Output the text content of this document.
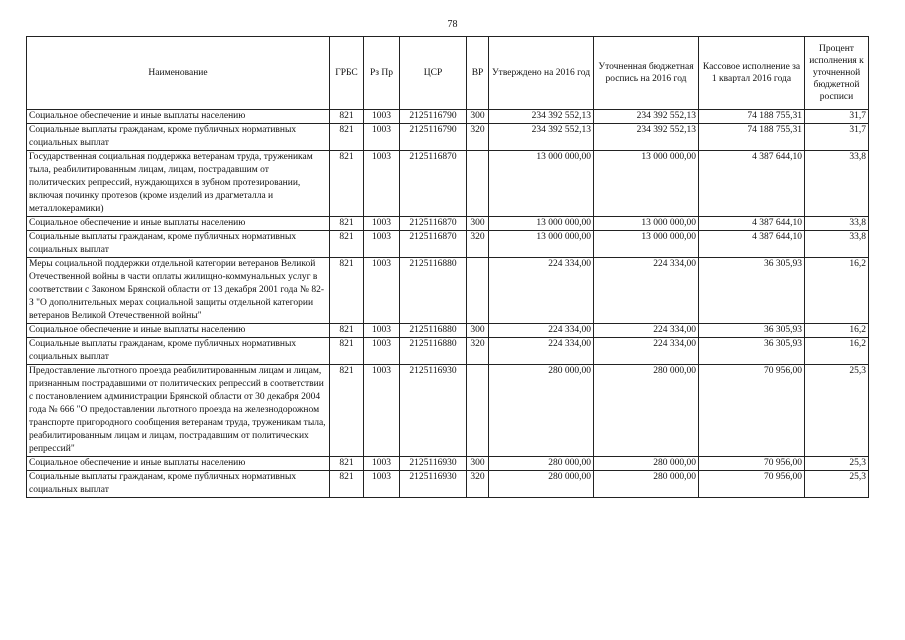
78
Наименование	ГРБС	Рз Пр	ЦСР	ВР	Утверждено на 2016 год	Уточненная бюджетная роспись на 2016 год	Кассовое исполнение за 1 квартал 2016 года	Процент исполнения к уточненной бюджетной росписи
Социальное обеспечение и иные выплаты населению	821	1003	2125116790	300	234 392 552,13	234 392 552,13	74 188 755,31	31,7
Социальные выплаты гражданам, кроме публичных нормативных социальных выплат	821	1003	2125116790	320	234 392 552,13	234 392 552,13	74 188 755,31	31,7
Государственная социальная поддержка ветеранам труда, труженикам тыла, реабилитированным лицам, лицам, пострадавшим от политических репрессий, нуждающихся в зубном протезировании, включая починку протезов (кроме изделий из драгметалла и металлокерамики)	821	1003	2125116870		13 000 000,00	13 000 000,00	4 387 644,10	33,8
Социальное обеспечение и иные выплаты населению	821	1003	2125116870	300	13 000 000,00	13 000 000,00	4 387 644,10	33,8
Социальные выплаты гражданам, кроме публичных нормативных социальных выплат	821	1003	2125116870	320	13 000 000,00	13 000 000,00	4 387 644,10	33,8
Меры социальной поддержки отдельной категории ветеранов Великой Отечественной войны в части оплаты жилищно-коммунальных услуг в соответствии с Законом Брянской области от 13 декабря 2001 года № 82-З "О дополнительных мерах социальной защиты отдельной категории ветеранов Великой Отечественной войны"	821	1003	2125116880		224 334,00	224 334,00	36 305,93	16,2
Социальное обеспечение и иные выплаты населению	821	1003	2125116880	300	224 334,00	224 334,00	36 305,93	16,2
Социальные выплаты гражданам, кроме публичных нормативных социальных выплат	821	1003	2125116880	320	224 334,00	224 334,00	36 305,93	16,2
Предоставление льготного проезда реабилитированным лицам и лицам, признанным пострадавшими от политических репрессий в соответствии с постановлением администрации Брянской области от 30 декабря 2004 года № 666 "О предоставлении льготного проезда на железнодорожном транспорте пригородного сообщения ветеранам труда, труженикам тыла, реабилитированным лицам и лицам, пострадавшим от политических репрессий"	821	1003	2125116930		280 000,00	280 000,00	70 956,00	25,3
Социальное обеспечение и иные выплаты населению	821	1003	2125116930	300	280 000,00	280 000,00	70 956,00	25,3
Социальные выплаты гражданам, кроме публичных нормативных социальных выплат	821	1003	2125116930	320	280 000,00	280 000,00	70 956,00	25,3
